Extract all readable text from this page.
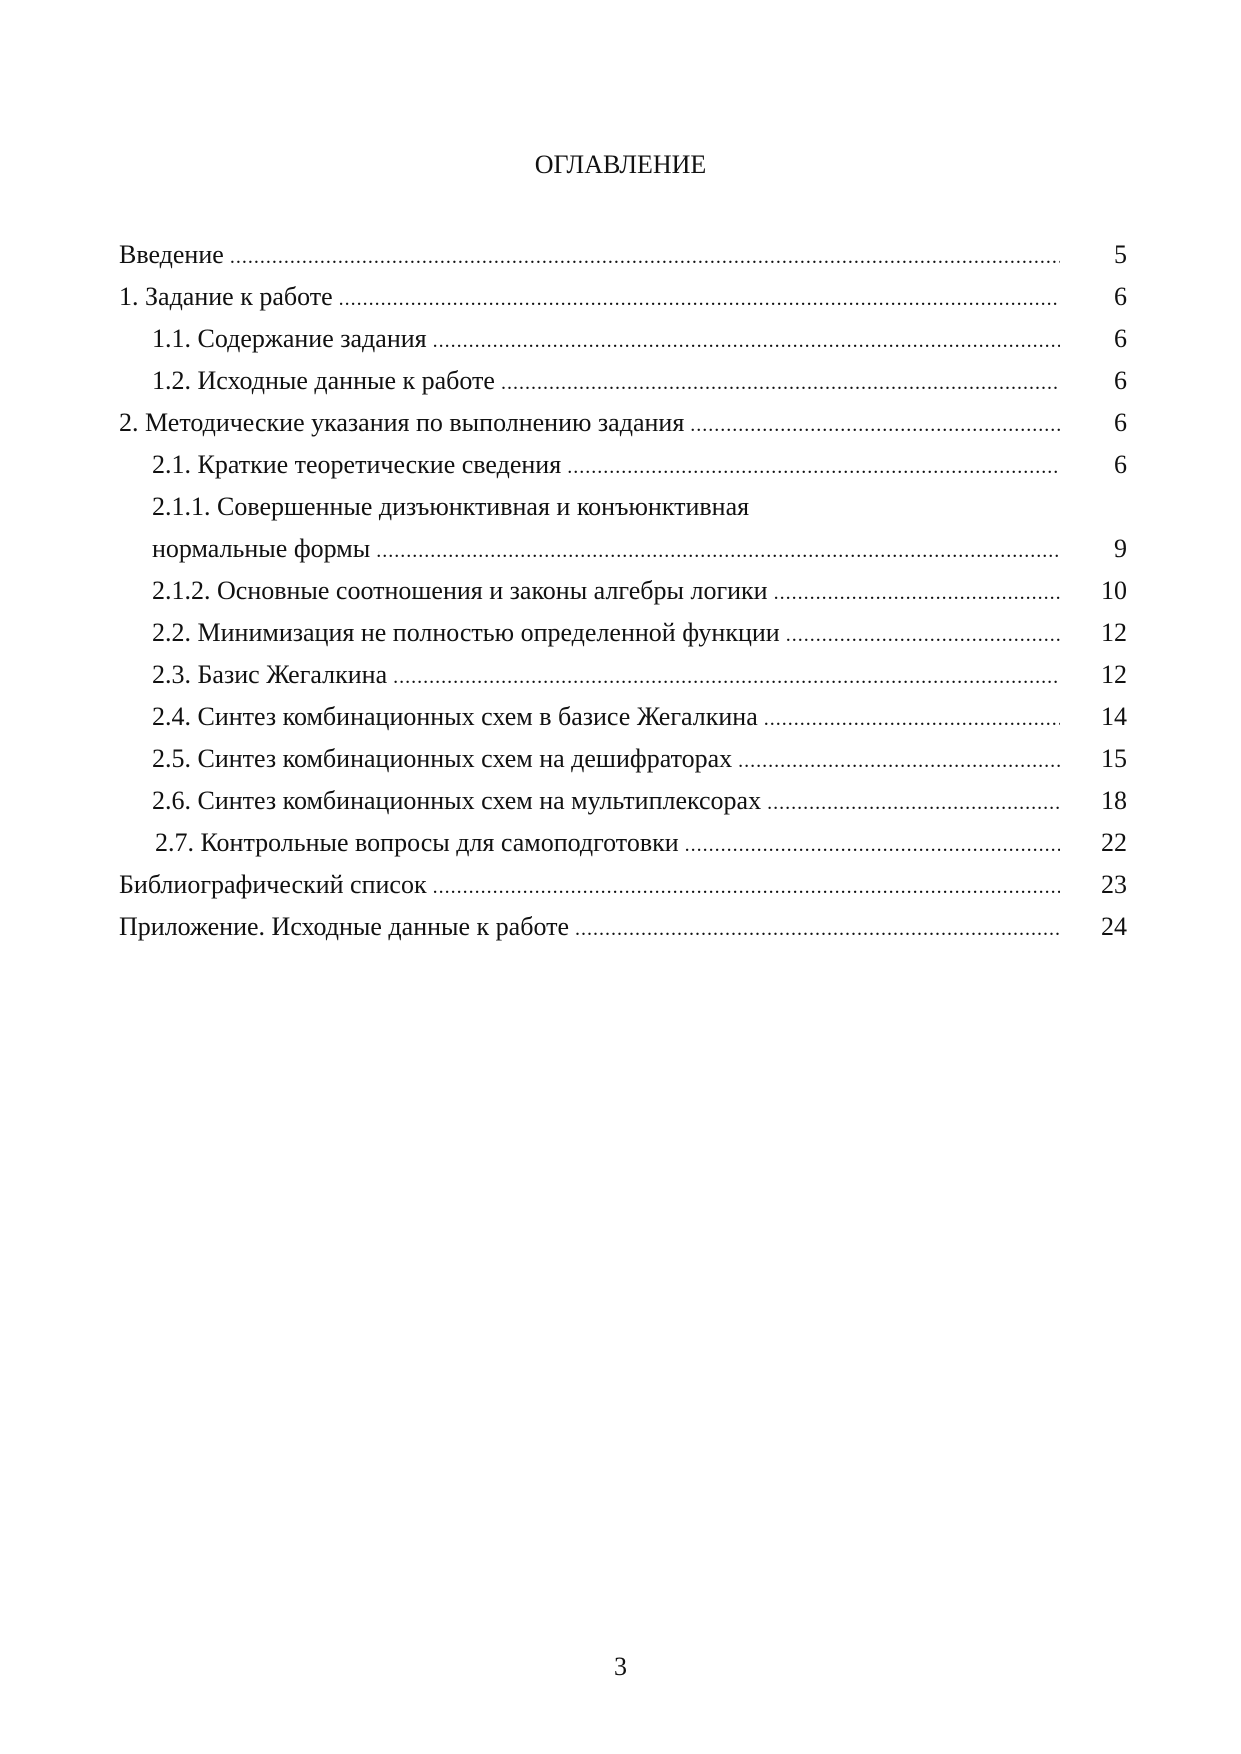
ОГЛАВЛЕНИЕ
Введение .....	5
1. Задание к работе .....	6
1.1. Содержание задания .....	6
1.2. Исходные данные к работе .....	6
2. Методические указания по выполнению задания .....	6
2.1. Краткие теоретические сведения .....	6
2.1.1. Совершенные дизъюнктивная и конъюнктивная
нормальные формы .....	9
2.1.2. Основные соотношения и законы алгебры логики .....	10
2.2. Минимизация не полностью определенной функции .....	12
2.3. Базис Жегалкина .....	12
2.4. Синтез комбинационных схем в базисе Жегалкина .....	14
2.5. Синтез комбинационных схем на дешифраторах .....	15
2.6. Синтез комбинационных схем на мультиплексорах .....	18
2.7. Контрольные вопросы для самоподготовки .....	22
Библиографический список .....	23
Приложение. Исходные данные к работе .....	24
3
